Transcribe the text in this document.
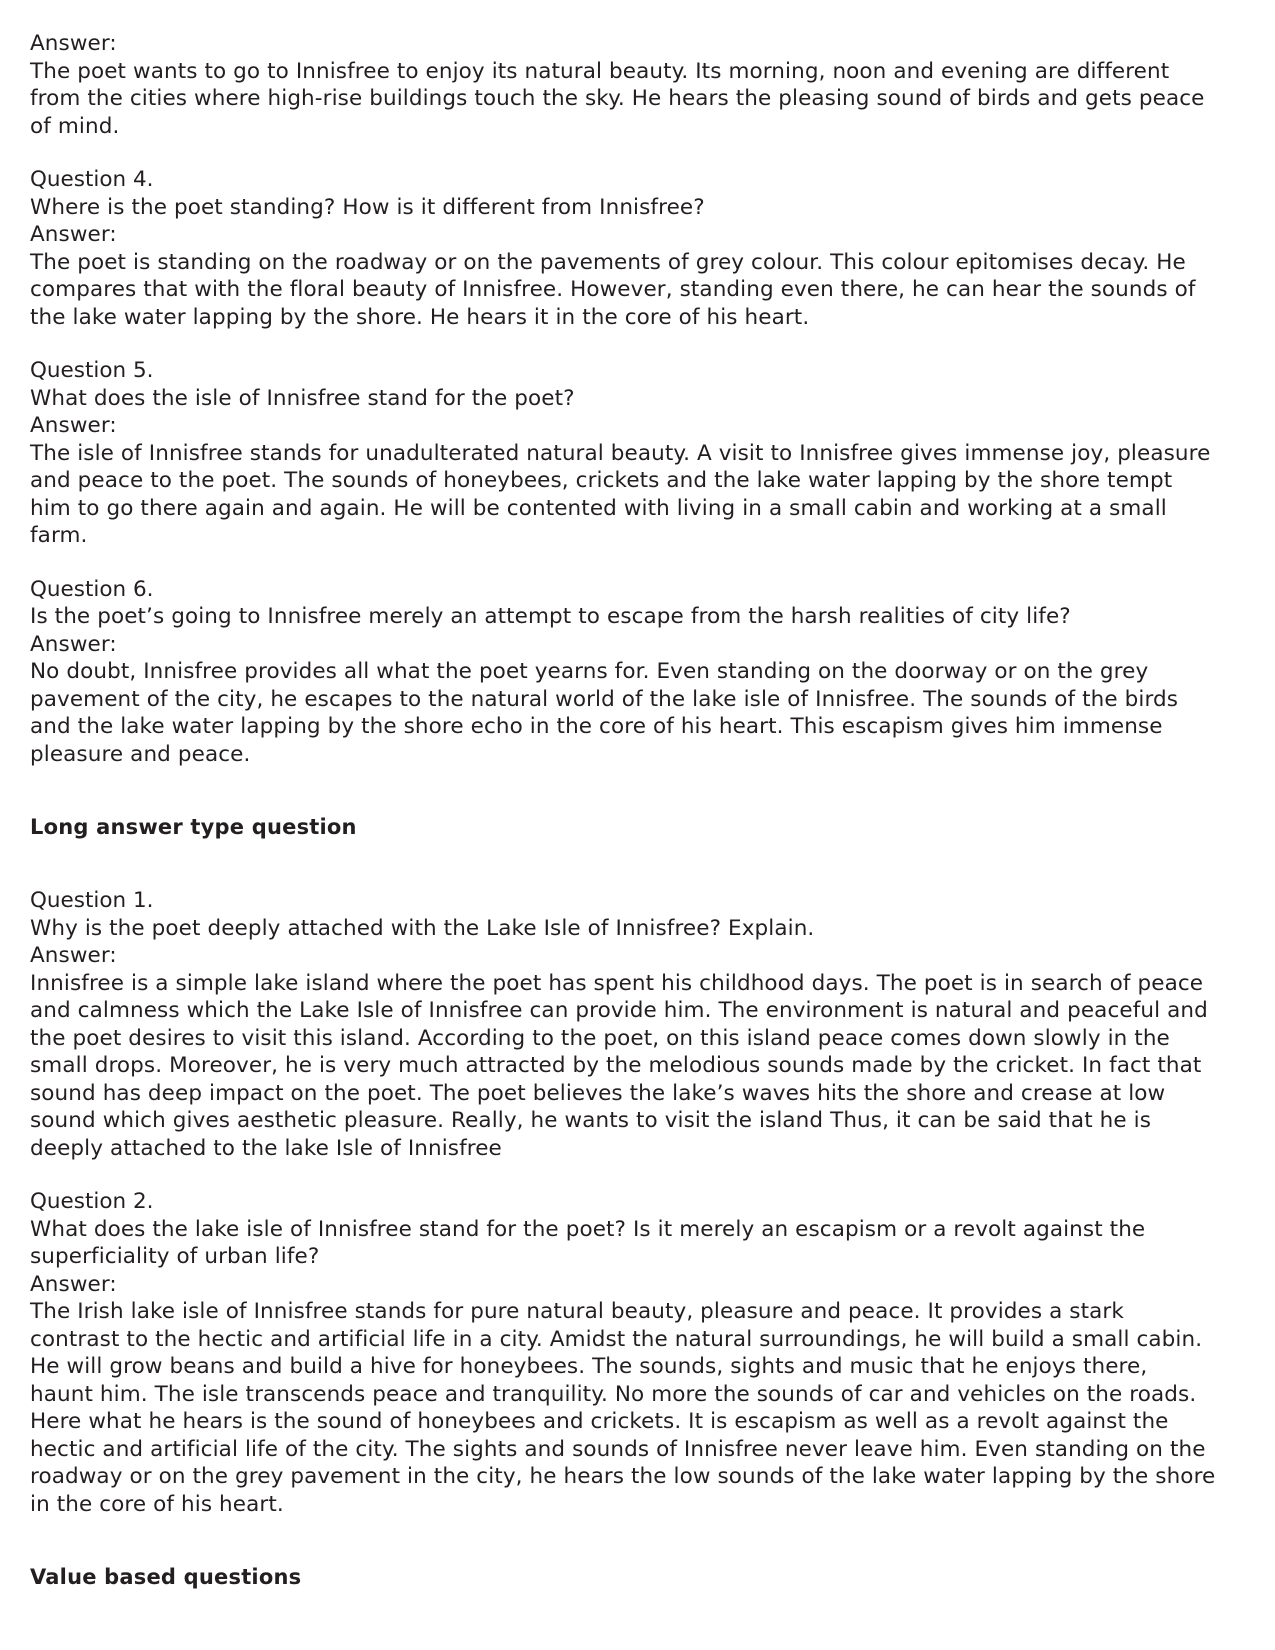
Answer:
The poet wants to go to Innisfree to enjoy its natural beauty. Its morning, noon and evening are different from the cities where high-rise buildings touch the sky. He hears the pleasing sound of birds and gets peace of mind.
Question 4.
Where is the poet standing? How is it different from Innisfree?
Answer:
The poet is standing on the roadway or on the pavements of grey colour. This colour epitomises decay. He compares that with the floral beauty of Innisfree. However, standing even there, he can hear the sounds of the lake water lapping by the shore. He hears it in the core of his heart.
Question 5.
What does the isle of Innisfree stand for the poet?
Answer:
The isle of Innisfree stands for unadulterated natural beauty. A visit to Innisfree gives immense joy, pleasure and peace to the poet. The sounds of honeybees, crickets and the lake water lapping by the shore tempt him to go there again and again. He will be contented with living in a small cabin and working at a small farm.
Question 6.
Is the poet’s going to Innisfree merely an attempt to escape from the harsh realities of city life?
Answer:
No doubt, Innisfree provides all what the poet yearns for. Even standing on the doorway or on the grey pavement of the city, he escapes to the natural world of the lake isle of Innisfree. The sounds of the birds and the lake water lapping by the shore echo in the core of his heart. This escapism gives him immense pleasure and peace.
Long answer type question
Question 1.
Why is the poet deeply attached with the Lake Isle of Innisfree? Explain.
Answer:
Innisfree is a simple lake island where the poet has spent his childhood days. The poet is in search of peace and calmness which the Lake Isle of Innisfree can provide him. The environment is natural and peaceful and the poet desires to visit this island. According to the poet, on this island peace comes down slowly in the small drops. Moreover, he is very much attracted by the melodious sounds made by the cricket. In fact that sound has deep impact on the poet. The poet believes the lake’s waves hits the shore and crease at low sound which gives aesthetic pleasure. Really, he wants to visit the island Thus, it can be said that he is deeply attached to the lake Isle of Innisfree
Question 2.
What does the lake isle of Innisfree stand for the poet? Is it merely an escapism or a revolt against the superficiality of urban life?
Answer:
The Irish lake isle of Innisfree stands for pure natural beauty, pleasure and peace. It provides a stark contrast to the hectic and artificial life in a city. Amidst the natural surroundings, he will build a small cabin. He will grow beans and build a hive for honeybees. The sounds, sights and music that he enjoys there, haunt him. The isle transcends peace and tranquility. No more the sounds of car and vehicles on the roads. Here what he hears is the sound of honeybees and crickets. It is escapism as well as a revolt against the hectic and artificial life of the city. The sights and sounds of Innisfree never leave him. Even standing on the roadway or on the grey pavement in the city, he hears the low sounds of the lake water lapping by the shore in the core of his heart.
Value based questions
